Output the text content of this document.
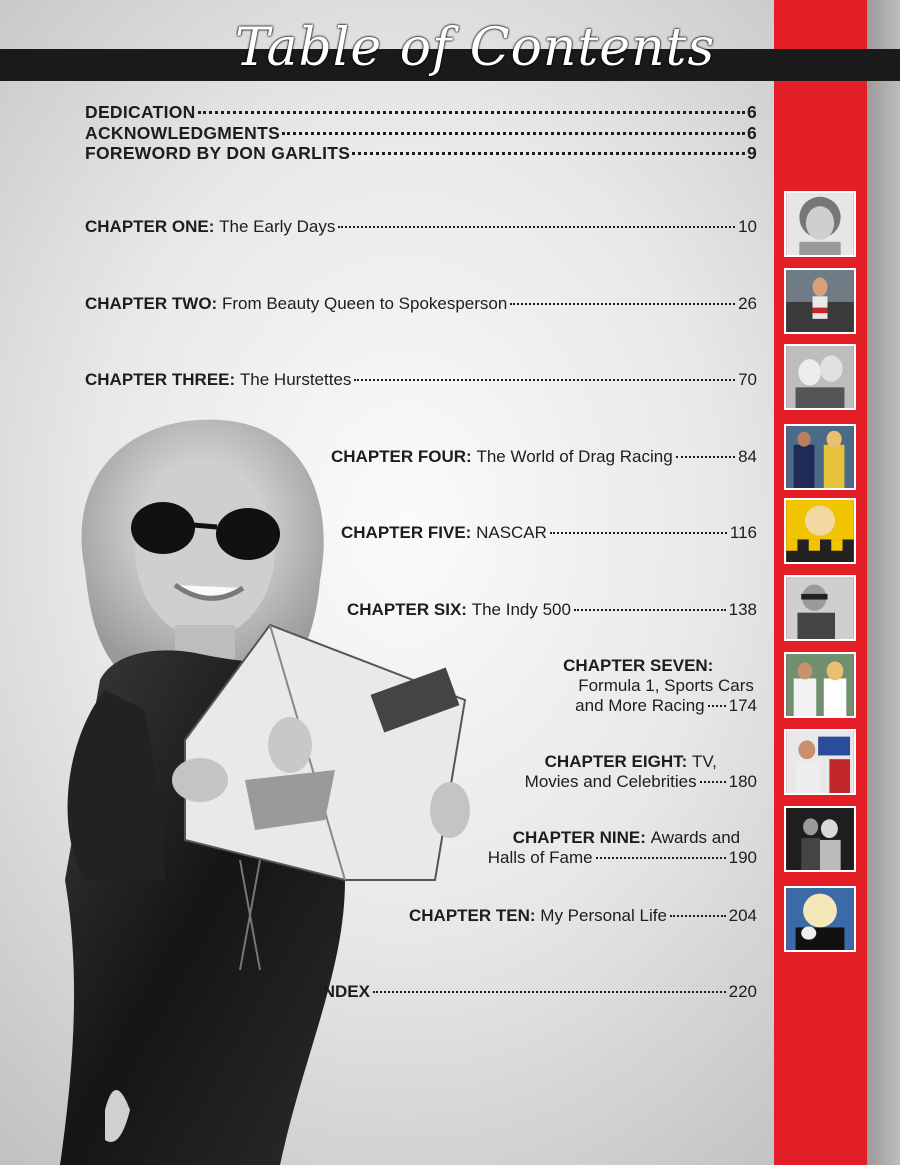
Table of Contents
DEDICATION	6
ACKNOWLEDGMENTS	6
FOREWORD BY DON GARLITS	9
CHAPTER ONE:
The Early Days	10
CHAPTER TWO:
From Beauty Queen to Spokesperson	26
CHAPTER THREE:
The Hurstettes	70
CHAPTER FOUR:
The World of Drag Racing	84
CHAPTER FIVE:
NASCAR	116
CHAPTER SIX:
The Indy 500	138
CHAPTER SEVEN:
Formula 1, Sports Cars
and More Racing 174
CHAPTER EIGHT: TV,
Movies and Celebrities 180
CHAPTER NINE: Awards and
Halls of Fame	190
CHAPTER TEN:
My Personal Life	204
INDEX	220
